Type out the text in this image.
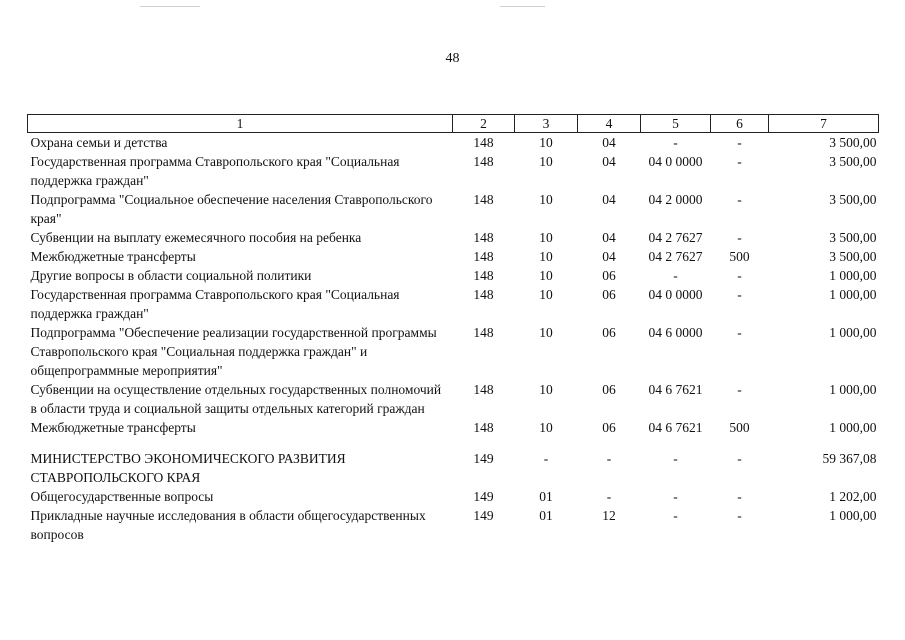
48
1	2	3	4	5	6	7
Охрана семьи и детства	148	10	04	-	-	3 500,00
Государственная программа Ставропольского края "Социальная поддержка граждан"	148	10	04	04 0 0000	-	3 500,00
Подпрограмма "Социальное обеспечение населения Ставропольского края"	148	10	04	04 2 0000	-	3 500,00
Субвенции на выплату ежемесячного пособия на ребенка	148	10	04	04 2 7627	-	3 500,00
Межбюджетные трансферты	148	10	04	04 2 7627	500	3 500,00
Другие вопросы в области социальной политики	148	10	06	-	-	1 000,00
Государственная программа Ставропольского края "Социальная поддержка граждан"	148	10	06	04 0 0000	-	1 000,00
Подпрограмма "Обеспечение реализации государственной программы Ставропольского края "Социальная поддержка граждан" и общепрограммные мероприятия"	148	10	06	04 6 0000	-	1 000,00
Субвенции на осуществление отдельных государственных полномочий в области труда и социальной защиты отдельных категорий граждан	148	10	06	04 6 7621	-	1 000,00
Межбюджетные трансферты	148	10	06	04 6 7621	500	1 000,00

МИНИСТЕРСТВО ЭКОНОМИЧЕСКОГО РАЗВИТИЯ СТАВРОПОЛЬСКОГО КРАЯ	149	-	-	-	-	59 367,08
Общегосударственные вопросы	149	01	-	-	-	1 202,00
Прикладные научные исследования в области общегосударственных вопросов	149	01	12	-	-	1 000,00
